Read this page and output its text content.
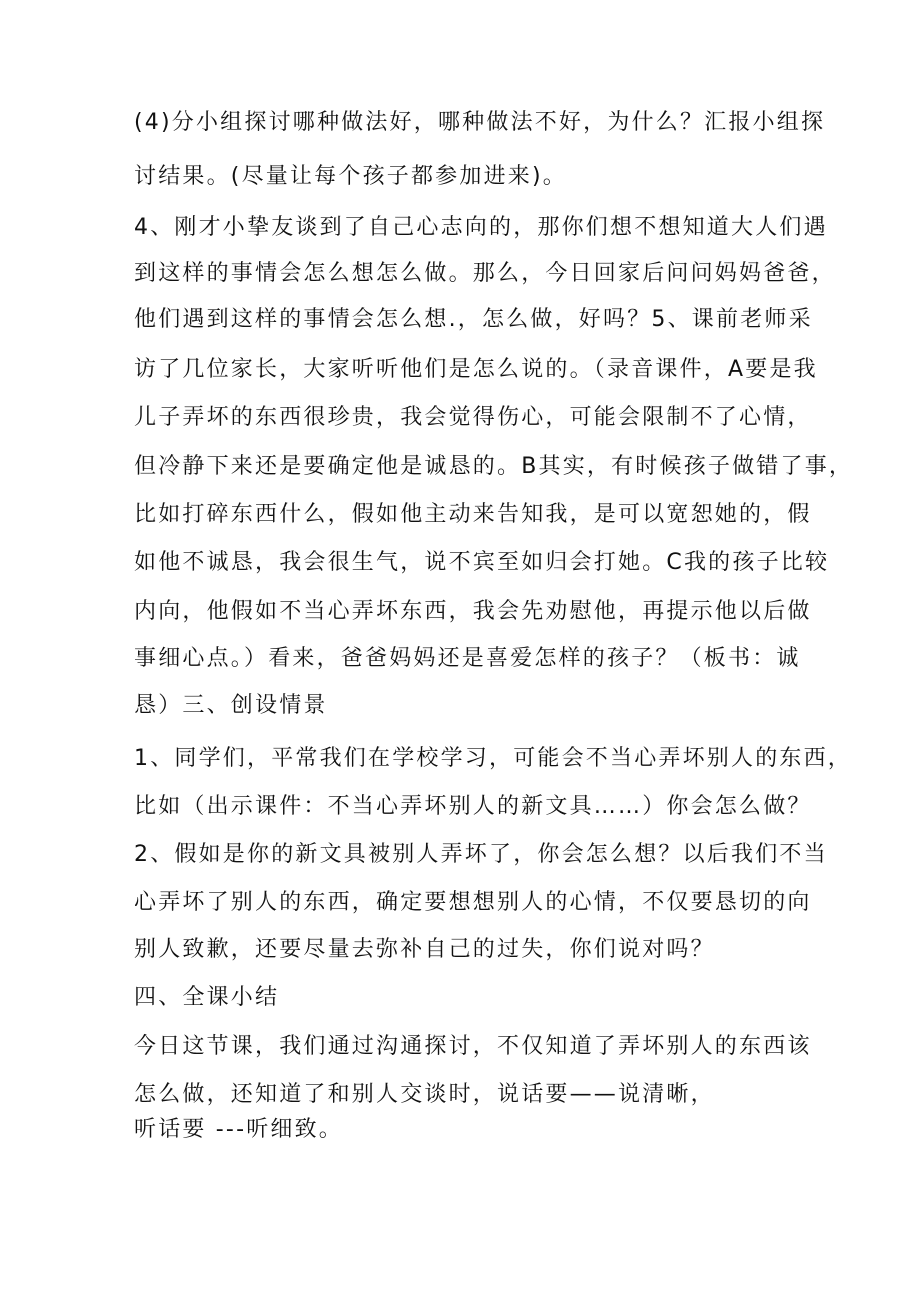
(4)分小组探讨哪种做法好，哪种做法不好，为什么？汇报小组探
讨结果。(尽量让每个孩子都参加进来)。
4、刚才小挚友谈到了自己心志向的，那你们想不想知道大人们遇
到这样的事情会怎么想怎么做。那么，今日回家后问问妈妈爸爸，
他们遇到这样的事情会怎么想.，怎么做，好吗？5、课前老师采
访了几位家长，大家听听他们是怎么说的。（录音课件，A要是我
儿子弄坏的东西很珍贵，我会觉得伤心，可能会限制不了心情，
但冷静下来还是要确定他是诚恳的。B其实，有时候孩子做错了事，
比如打碎东西什么，假如他主动来告知我，是可以宽恕她的，假
如他不诚恳，我会很生气，说不宾至如归会打她。C我的孩子比较
内向，他假如不当心弄坏东西，我会先劝慰他，再提示他以后做
事细心点。）看来，爸爸妈妈还是喜爱怎样的孩子？（板书：诚
恳）三、创设情景
1、同学们，平常我们在学校学习，可能会不当心弄坏别人的东西，
比如（出示课件：不当心弄坏别人的新文具……）你会怎么做？
2、假如是你的新文具被别人弄坏了，你会怎么想？以后我们不当
心弄坏了别人的东西，确定要想想别人的心情，不仅要恳切的向
别人致歉，还要尽量去弥补自己的过失，你们说对吗？
四、全课小结
今日这节课，我们通过沟通探讨，不仅知道了弄坏别人的东西该
怎么做，还知道了和别人交谈时，说话要——说清晰，
听话要 ---听细致。
